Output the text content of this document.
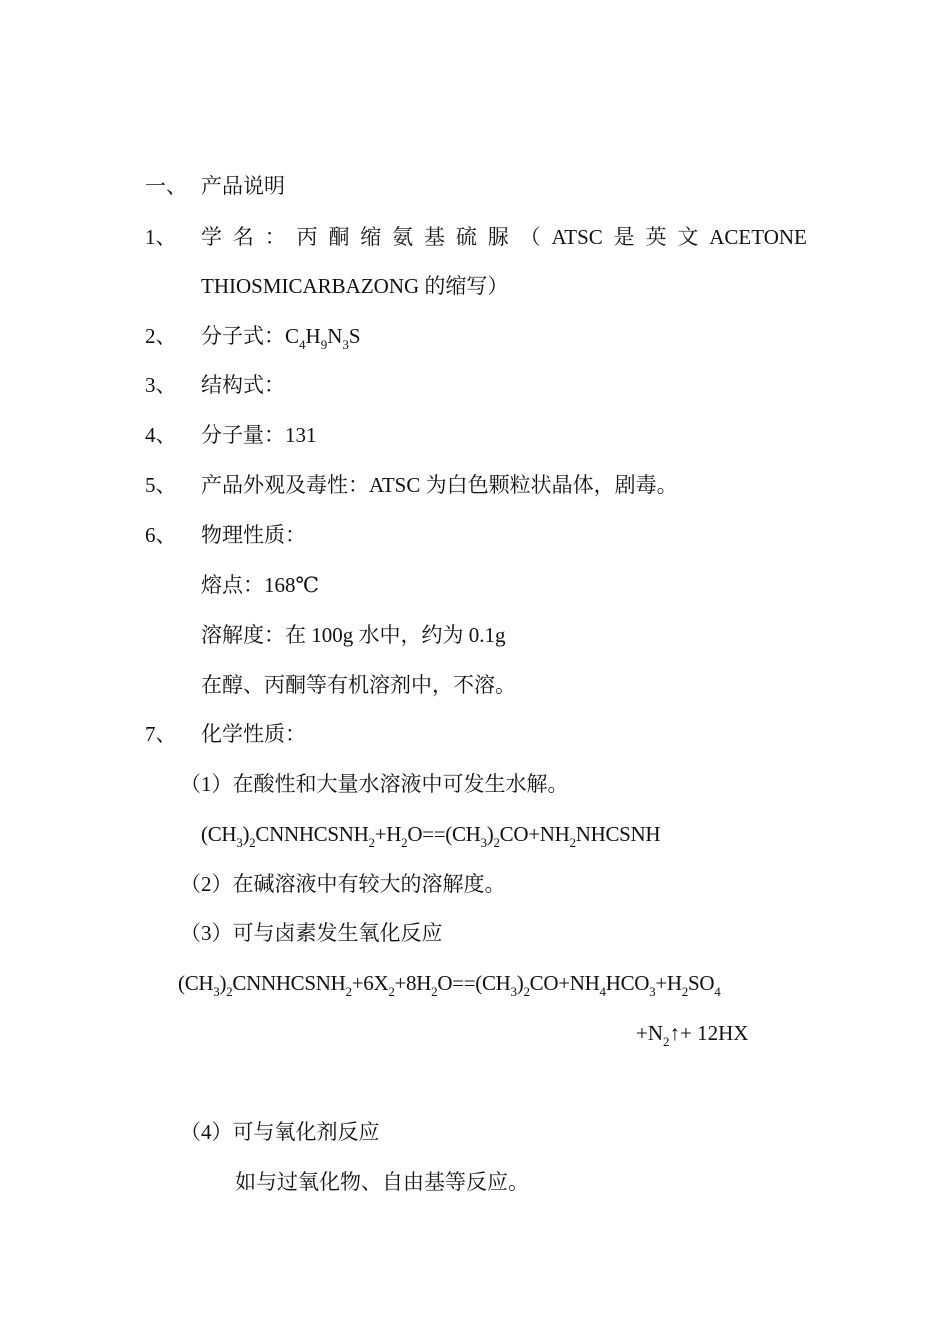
一、 产品说明
1、 学 名 ： 丙 酮 缩 氨 基 硫 脲 （ ATSC 是 英 文 ACETONE
THIOSMICARBAZONG 的缩写）
2、 分子式：$C_4H_9N_3S$
3、 结构式：
4、 分子量：131
5、 产品外观及毒性：ATSC 为白色颗粒状晶体，剧毒。
6、 物理性质：
熔点：168℃
溶解度：在 100g 水中，约为 0.1g
在醇、丙酮等有机溶剂中，不溶。
7、 化学性质：
（1）在酸性和大量水溶液中可发生水解。
$(CH_3)_2CNNHCSNH_2+H_2O==(CH_3)_2CO+NH_2NHCSNH$
（2）在碱溶液中有较大的溶解度。
（3）可与卤素发生氧化反应
$(CH_3)_2CNNHCSNH_2+6X_2+8H_2O==(CH_3)_2CO+NH_4HCO_3+H_2SO_4$
$+N_2↑+ 12HX$
（4）可与氧化剂反应
如与过氧化物、自由基等反应。
